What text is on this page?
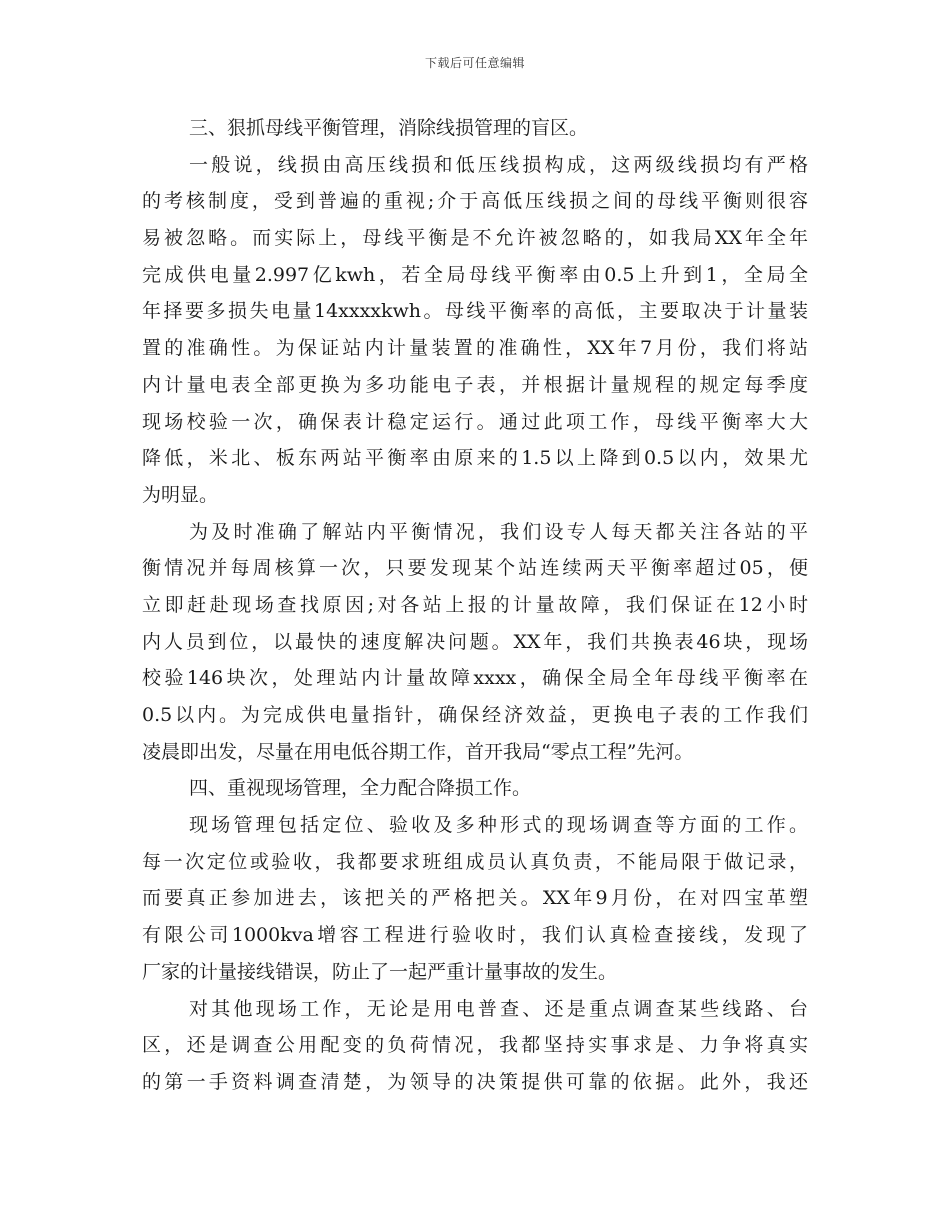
下载后可任意编辑
三、狠抓母线平衡管理，消除线损管理的盲区。
一般说，线损由高压线损和低压线损构成，这两级线损均有严格
的考核制度，受到普遍的重视;介于高低压线损之间的母线平衡则很容
易被忽略。而实际上，母线平衡是不允许被忽略的，如我局XX年全年
完成供电量2.997亿kwh，若全局母线平衡率由0.5上升到1，全局全
年择要多损失电量14xxxxkwh。母线平衡率的高低，主要取决于计量装
置的准确性。为保证站内计量装置的准确性，XX年7月份，我们将站
内计量电表全部更换为多功能电子表，并根据计量规程的规定每季度
现场校验一次，确保表计稳定运行。通过此项工作，母线平衡率大大
降低，米北、板东两站平衡率由原来的1.5以上降到0.5以内，效果尤
为明显。
为及时准确了解站内平衡情况，我们设专人每天都关注各站的平
衡情况并每周核算一次，只要发现某个站连续两天平衡率超过05，便
立即赶赴现场查找原因;对各站上报的计量故障，我们保证在12小时
内人员到位，以最快的速度解决问题。XX年，我们共换表46块，现场
校验146块次，处理站内计量故障xxxx，确保全局全年母线平衡率在
0.5以内。为完成供电量指针，确保经济效益，更换电子表的工作我们
凌晨即出发，尽量在用电低谷期工作，首开我局“零点工程”先河。
四、重视现场管理，全力配合降损工作。
现场管理包括定位、验收及多种形式的现场调查等方面的工作。
每一次定位或验收，我都要求班组成员认真负责，不能局限于做记录，
而要真正参加进去，该把关的严格把关。XX年9月份，在对四宝革塑
有限公司1000kva增容工程进行验收时，我们认真检查接线，发现了
厂家的计量接线错误，防止了一起严重计量事故的发生。
对其他现场工作，无论是用电普查、还是重点调查某些线路、台
区，还是调查公用配变的负荷情况，我都坚持实事求是、力争将真实
的第一手资料调查清楚，为领导的决策提供可靠的依据。此外，我还
